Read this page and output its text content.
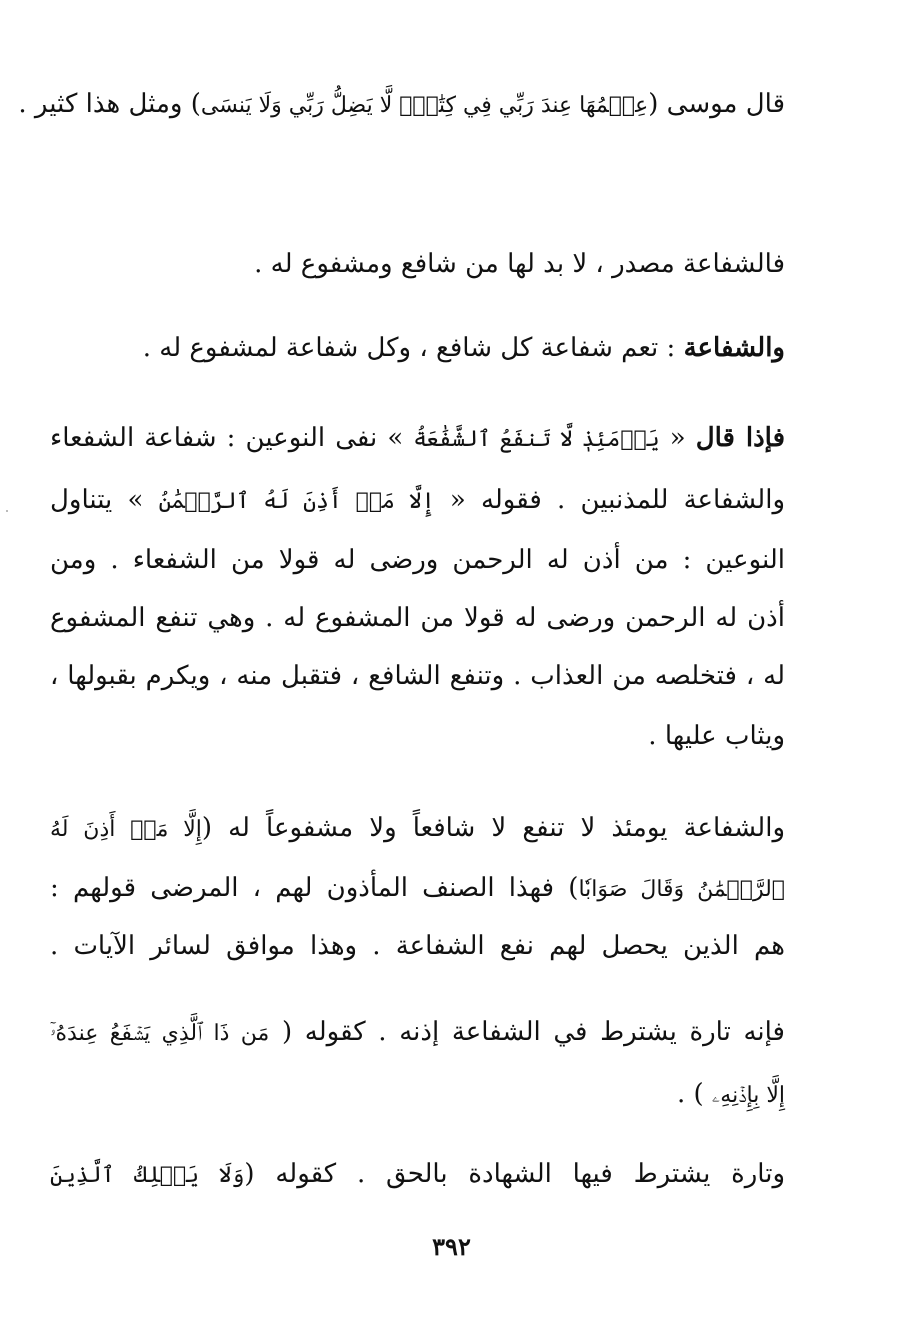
قال موسى (عِلۡمُهَا عِندَ رَبِّي فِي كِتَٰبٖۖ لَّا يَضِلُّ رَبِّي وَلَا يَنسَى) ومثل هذا كثير .
فالشفاعة مصدر ، لا بد لها من شافع ومشفوع له .
والشفاعة : تعم شفاعة كل شافع ، وكل شفاعة لمشفوع له .
فإذا قال « يَوۡمَئِذٖ لَّا تَنفَعُ ٱلشَّفَٰعَةُ » نفى النوعين : شفاعة الشفعاء
والشفاعة للمذنبين . فقوله « إِلَّا مَنۡ أَذِنَ لَهُ ٱلرَّحۡمَٰنُ » يتناول
النوعين : من أذن له الرحمن ورضى له قولا من الشفعاء . ومن
أذن له الرحمن ورضى له قولا من المشفوع له . وهي تنفع المشفوع
له ، فتخلصه من العذاب . وتنفع الشافع ، فتقبل منه ، ويكرم بقبولها ،
ويثاب عليها .
والشفاعة يومئذ لا تنفع لا شافعاً ولا مشفوعاً له (إِلَّا مَنۡ أَذِنَ لَهُ
ٱلرَّحۡمَٰنُ وَقَالَ صَوَابٗا) فهذا الصنف المأذون لهم ، المرضى قولهم :
هم الذين يحصل لهم نفع الشفاعة . وهذا موافق لسائر الآيات .
فإنه تارة يشترط في الشفاعة إذنه . كقوله ( مَن ذَا ٱلَّذِي يَشۡفَعُ عِندَهُۥٓ
إِلَّا بِإِذۡنِهِۦ ) .
وتارة يشترط فيها الشهادة بالحق . كقوله (وَلَا يَمۡلِكُ ٱلَّذِينَ
٣٩٢
